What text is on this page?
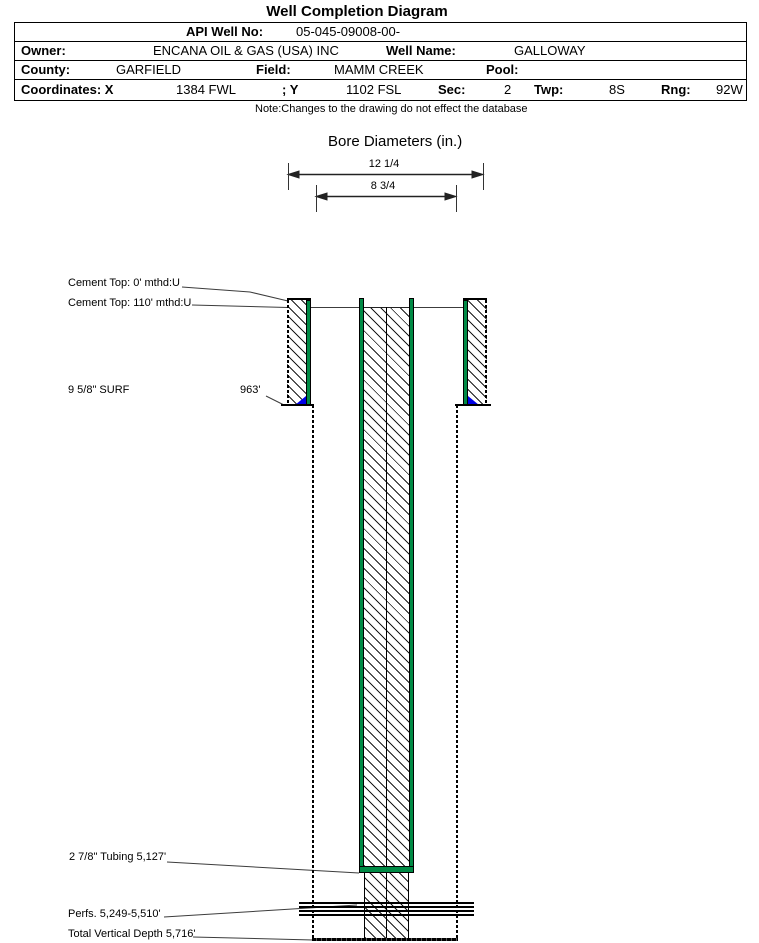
Well Completion Diagram
API Well No:	05-045-09008-00-
Owner:	ENCANA OIL & GAS (USA) INC	Well Name:	GALLOWAY
County:	GARFIELD	Field:	MAMM CREEK	Pool:
Coordinates: X	1384 FWL	; Y	1102 FSL	Sec:	2 Twp:	8S	Rng: 92W
Note:Changes to the drawing do not effect the database
Bore Diameters (in.)
12 1/4
8 3/4
Cement Top: 0' mthd:U
Cement Top: 110' mthd:U
9 5/8" SURF	963'
2 7/8" Tubing 5,127'
Perfs. 5,249-5,510'
Total Vertical Depth 5,716'
